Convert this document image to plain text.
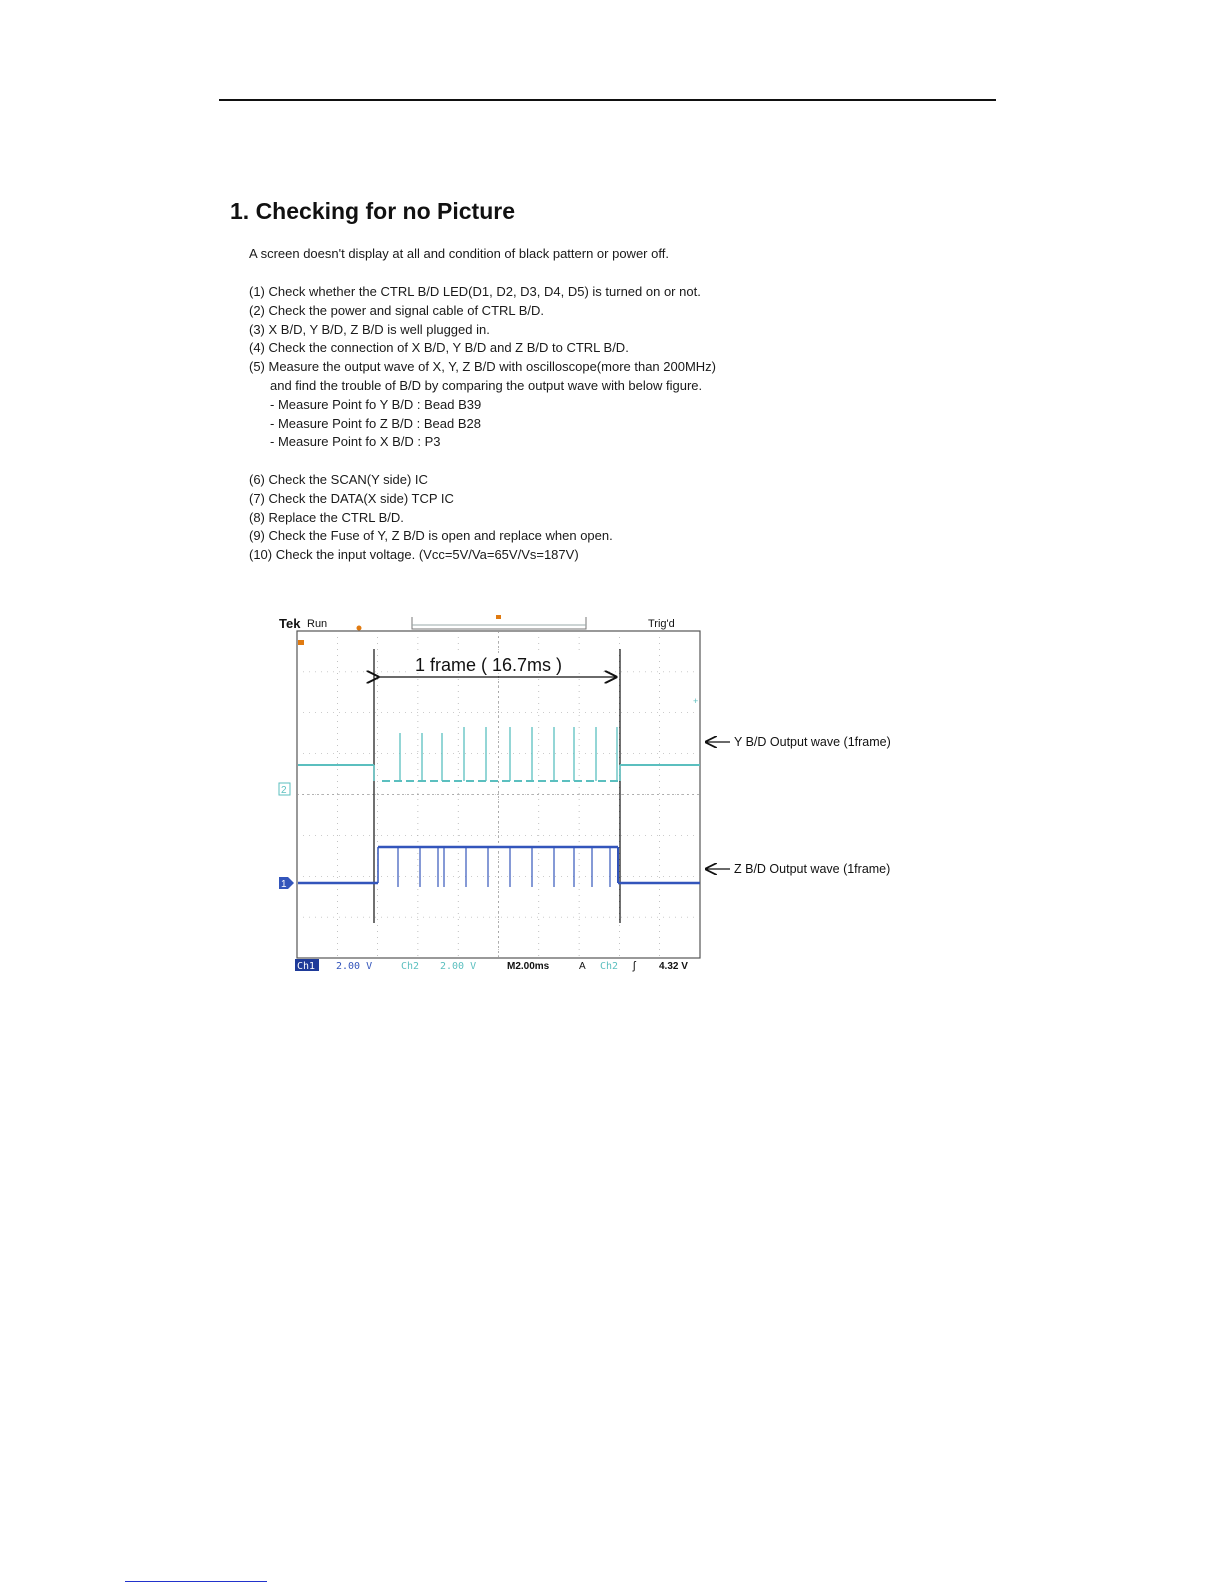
1. Checking for no Picture
A screen doesn't display at all and condition of black pattern or power off.
(1) Check whether the CTRL B/D LED(D1, D2, D3, D4, D5) is turned on or not.
(2) Check the power and signal cable of CTRL B/D.
(3) X B/D, Y B/D, Z B/D is well plugged in.
(4) Check the connection of X B/D, Y B/D and Z B/D to CTRL B/D.
(5) Measure the output wave of X, Y, Z B/D with oscilloscope(more than 200MHz)
and find the trouble of B/D by comparing the output wave with below figure.
- Measure Point fo Y B/D : Bead B39
- Measure Point fo Z B/D : Bead B28
- Measure Point fo X B/D : P3
(6) Check the SCAN(Y side) IC
(7) Check the DATA(X side) TCP IC
(8) Replace the CTRL B/D.
(9) Check the Fuse of Y, Z B/D is open and replace when open.
(10) Check the input voltage. (Vcc=5V/Va=65V/Vs=187V)
Tek Run	Trig'd
+
1 frame ( 16.7ms )
2
1
Ch1 2.00 V	Ch2 2.00 V	M2.00ms	A Ch2 ʃ 4.32 V
Y B/D Output wave (1frame)
Z B/D Output wave (1frame)
